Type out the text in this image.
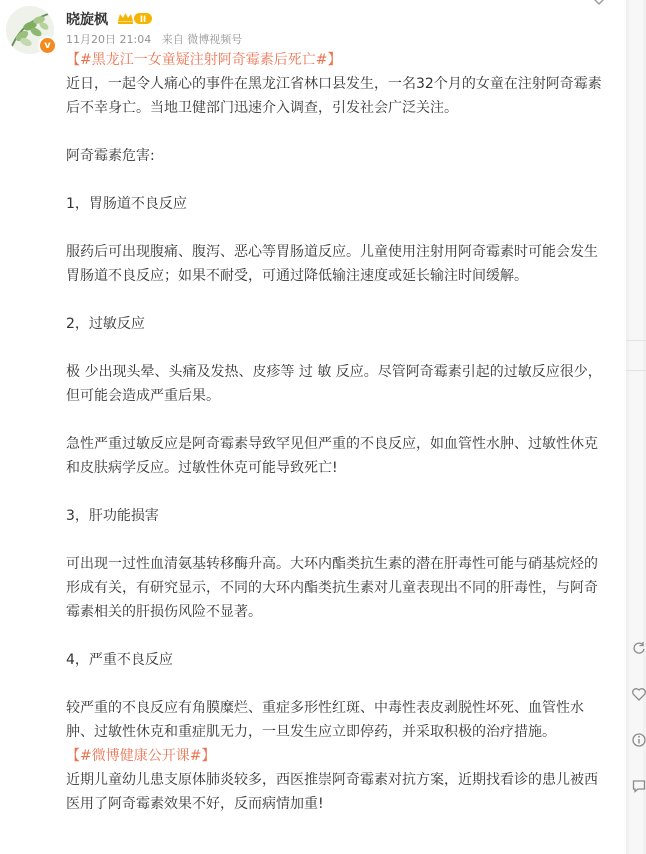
v
晓旋枫	II
11月20日 21:04 来自 微博视频号

【#黑龙江一女童疑注射阿奇霉素后死亡#】

近日，一起令人痛心的事件在黑龙江省林口县发生，一名32个月的女童在注射阿奇霉素

后不幸身亡。当地卫健部门迅速介入调查，引发社会广泛关注。

阿奇霉素危害:

1，胃肠道不良反应

服药后可出现腹痛、腹泻、恶心等胃肠道反应。儿童使用注射用阿奇霉素时可能会发生

胃肠道不良反应；如果不耐受，可通过降低输注速度或延长输注时间缓解。

2，过敏反应

极 少出现头晕、头痛及发热、皮疹等 过 敏 反应。尽管阿奇霉素引起的过敏反应很少，

但可能会造成严重后果。

急性严重过敏反应是阿奇霉素导致罕见但严重的不良反应，如血管性水肿、过敏性休克

和皮肤病学反应。过敏性休克可能导致死亡!

3，肝功能损害

可出现一过性血清氨基转移酶升高。大环内酯类抗生素的潜在肝毒性可能与硝基烷烃的

形成有关，有研究显示，不同的大环内酯类抗生素对儿童表现出不同的肝毒性，与阿奇

霉素相关的肝损伤风险不显著。

4，严重不良反应

较严重的不良反应有角膜糜烂、重症多形性红斑、中毒性表皮剥脱性坏死、血管性水

肿、过敏性休克和重症肌无力，一旦发生应立即停药，并采取积极的治疗措施。

【#微博健康公开课#】

近期儿童幼儿患支原体肺炎较多，西医推崇阿奇霉素对抗方案，近期找看诊的患儿被西

医用了阿奇霉素效果不好，反而病情加重!
